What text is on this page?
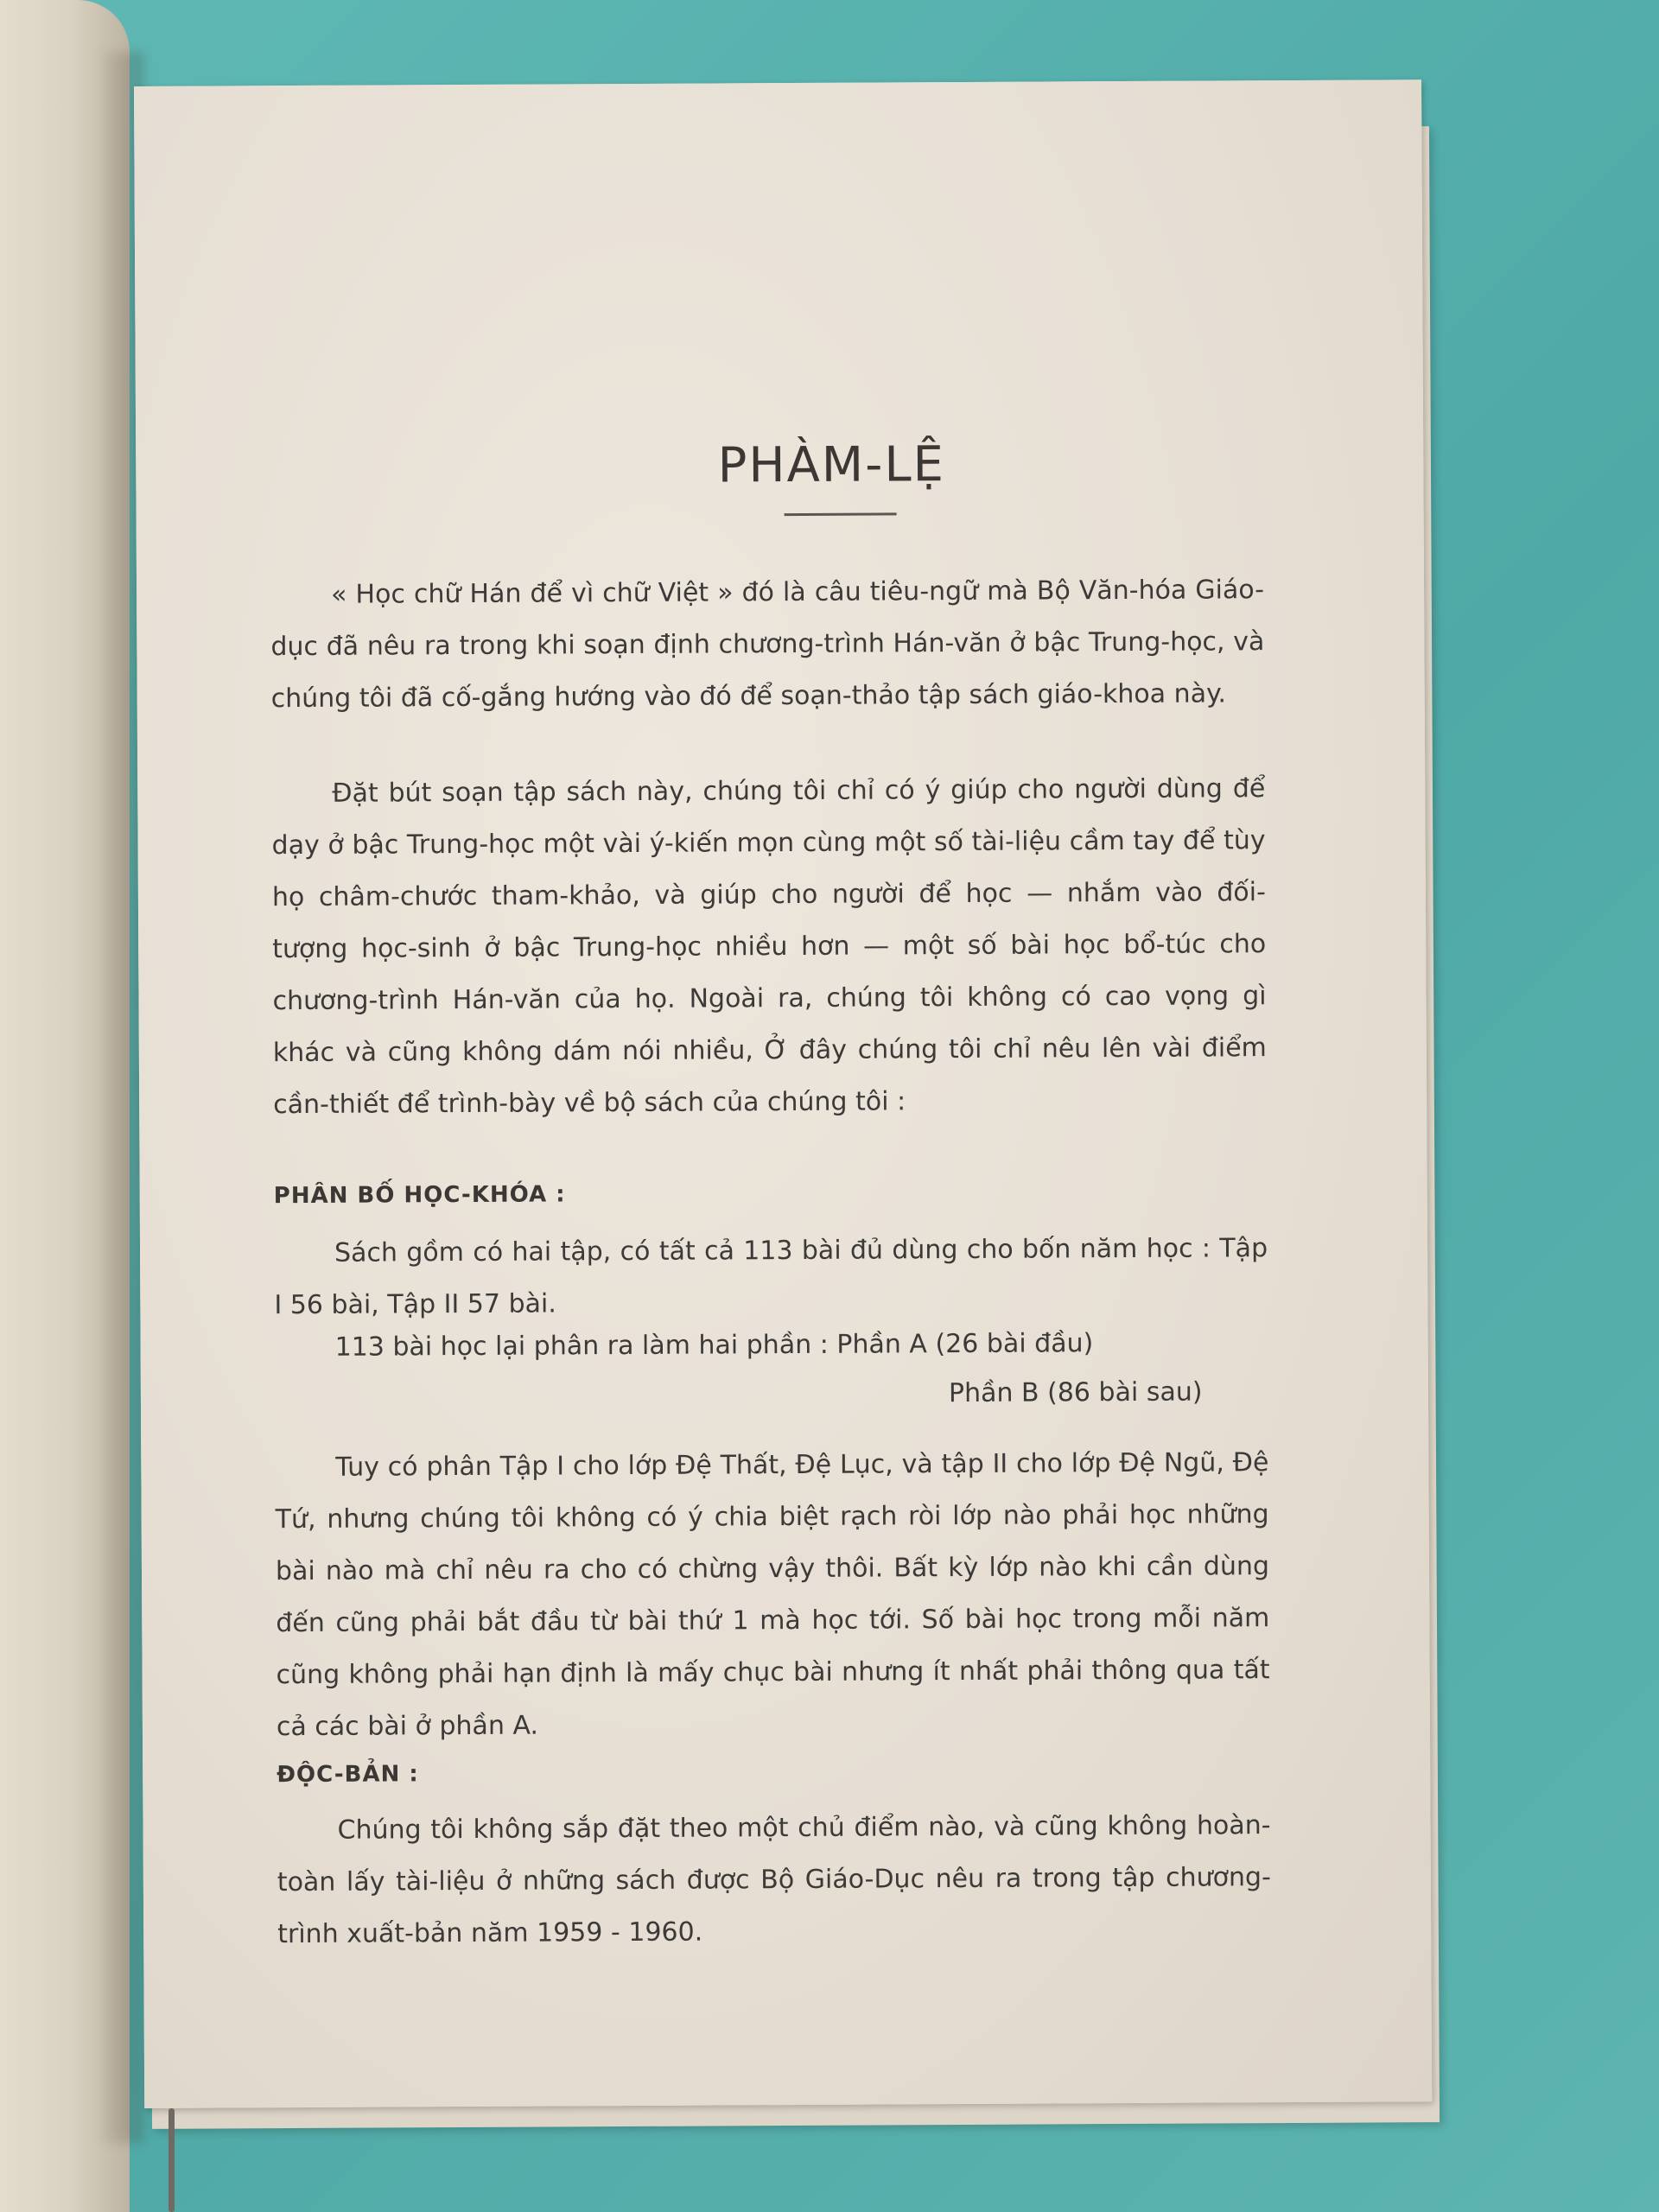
PHÀM-LỆ

« Học chữ Hán để vì chữ Việt » đó là câu tiêu-ngữ mà Bộ Văn-hóa Giáo-dục đã nêu ra trong khi soạn định chương-trình Hán-văn ở bậc Trung-học, và chúng tôi đã cố-gắng hướng vào đó để soạn-thảo tập sách giáo-khoa này.

Đặt bút soạn tập sách này, chúng tôi chỉ có ý giúp cho người dùng để dạy ở bậc Trung-học một vài ý-kiến mọn cùng một số tài-liệu cầm tay để tùy họ châm-chước tham-khảo, và giúp cho người để học — nhắm vào đối-tượng học-sinh ở bậc Trung-học nhiều hơn — một số bài học bổ-túc cho chương-trình Hán-văn của họ. Ngoài ra, chúng tôi không có cao vọng gì khác và cũng không dám nói nhiều, Ở đây chúng tôi chỉ nêu lên vài điểm cần-thiết để trình-bày về bộ sách của chúng tôi :

PHÂN BỐ HỌC-KHÓA :

Sách gồm có hai tập, có tất cả 113 bài đủ dùng cho bốn năm học : Tập I 56 bài, Tập II 57 bài.

113 bài học lại phân ra làm hai phần : Phần A (26 bài đầu)
Phần B (86 bài sau)

Tuy có phân Tập I cho lớp Đệ Thất, Đệ Lục, và tập II cho lớp Đệ Ngũ, Đệ Tứ, nhưng chúng tôi không có ý chia biệt rạch ròi lớp nào phải học những bài nào mà chỉ nêu ra cho có chừng vậy thôi. Bất kỳ lớp nào khi cần dùng đến cũng phải bắt đầu từ bài thứ 1 mà học tới. Số bài học trong mỗi năm cũng không phải hạn định là mấy chục bài nhưng ít nhất phải thông qua tất cả các bài ở phần A.

ĐỘC-BẢN :

Chúng tôi không sắp đặt theo một chủ điểm nào, và cũng không hoàn-toàn lấy tài-liệu ở những sách được Bộ Giáo-Dục nêu ra trong tập chương-trình xuất-bản năm 1959 - 1960.
